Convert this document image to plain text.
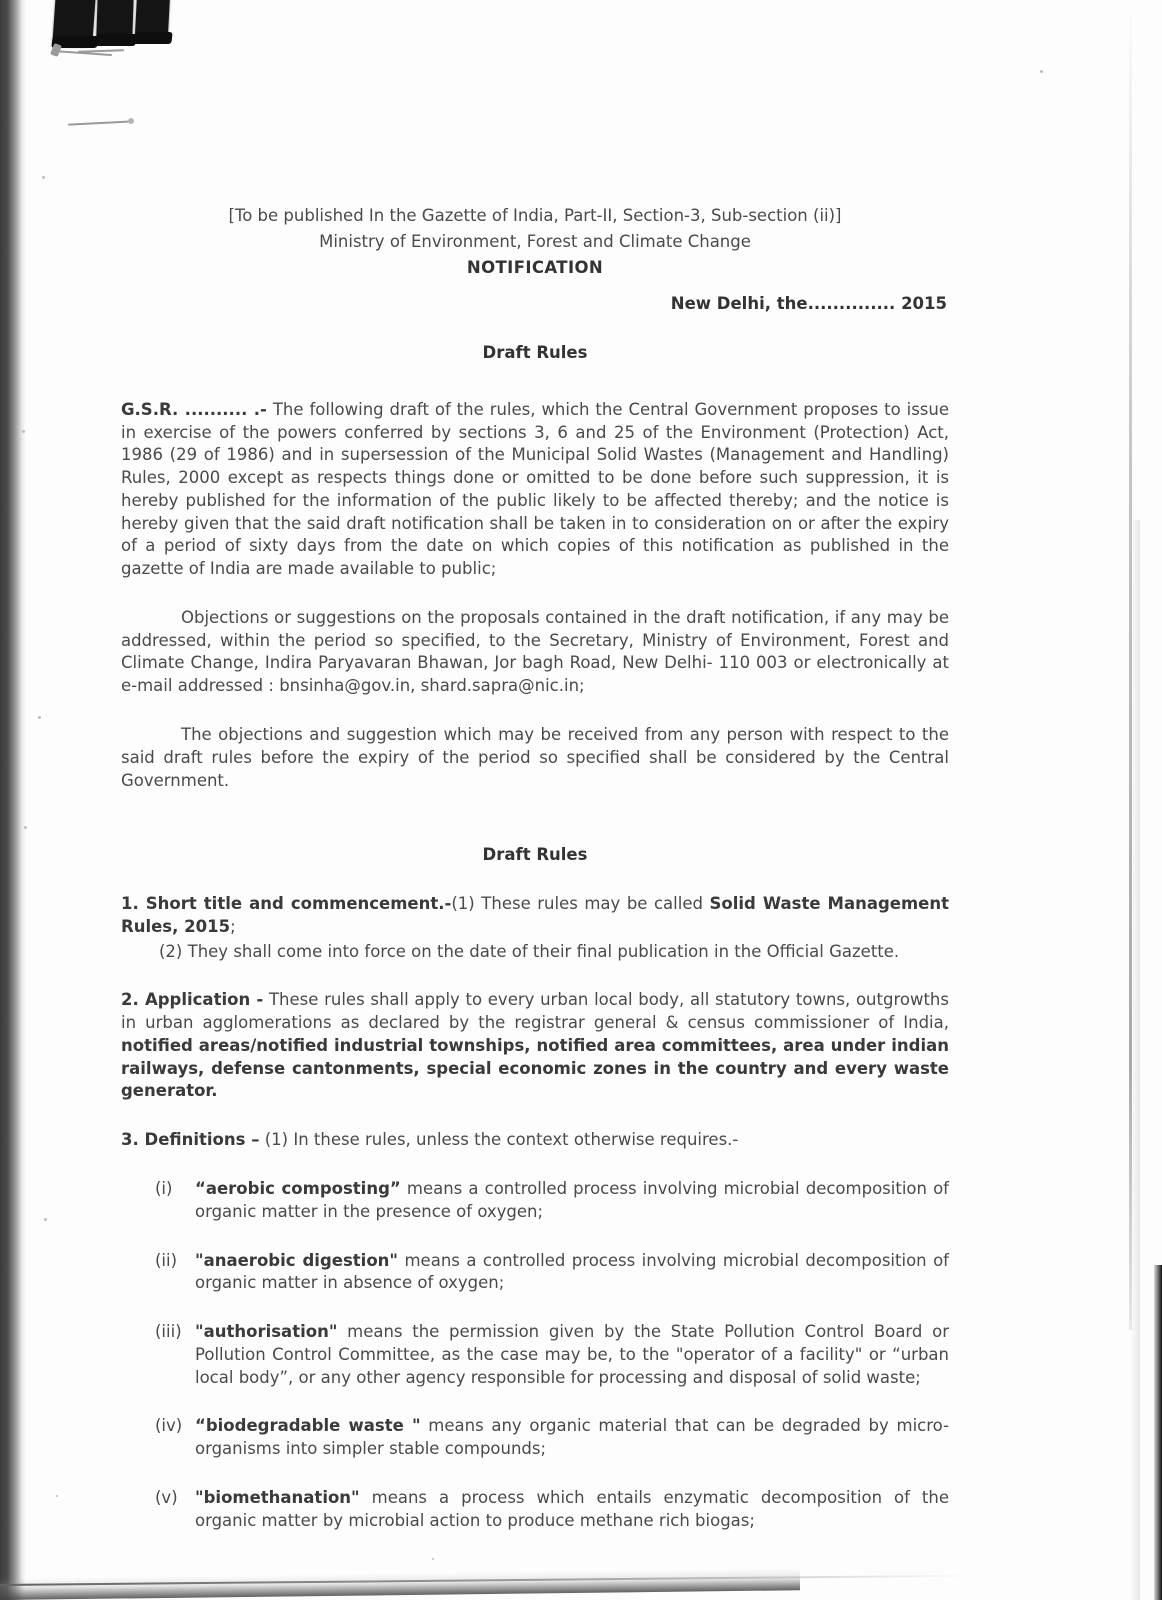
[To be published In the Gazette of India, Part-II, Section-3, Sub-section (ii)]
Ministry of Environment, Forest and Climate Change
NOTIFICATION
New Delhi, the.............. 2015
Draft Rules

G.S.R. .......... .- The following draft of the rules, which the Central Government proposes to issue in exercise of the powers conferred by sections 3, 6 and 25 of the Environment (Protection) Act, 1986 (29 of 1986) and in supersession of the Municipal Solid Wastes (Management and Handling) Rules, 2000 except as respects things done or omitted to be done before such suppression, it is hereby published for the information of the public likely to be affected thereby; and the notice is hereby given that the said draft notification shall be taken in to consideration on or after the expiry of a period of sixty days from the date on which copies of this notification as published in the gazette of India are made available to public;

Objections or suggestions on the proposals contained in the draft notification, if any may be addressed, within the period so specified, to the Secretary, Ministry of Environment, Forest and Climate Change, Indira Paryavaran Bhawan, Jor bagh Road, New Delhi- 110 003 or electronically at e-mail addressed : bnsinha@gov.in, shard.sapra@nic.in;

The objections and suggestion which may be received from any person with respect to the said draft rules before the expiry of the period so specified shall be considered by the Central Government.

Draft Rules

1. Short title and commencement.-(1) These rules may be called Solid Waste Management Rules, 2015;

(2) They shall come into force on the date of their final publication in the Official Gazette.

2. Application - These rules shall apply to every urban local body, all statutory towns, outgrowths in urban agglomerations as declared by the registrar general & census commissioner of India, notified areas/notified industrial townships, notified area committees, area under indian railways, defense cantonments, special economic zones in the country and every waste generator.

3. Definitions – (1) In these rules, unless the context otherwise requires.-

(i)	“aerobic composting” means a controlled process involving microbial decomposition of organic matter in the presence of oxygen;
(ii)	"anaerobic digestion" means a controlled process involving microbial decomposition of organic matter in absence of oxygen;
(iii) "authorisation" means the permission given by the State Pollution Control Board or Pollution Control Committee, as the case may be, to the "operator of a facility" or “urban local body”, or any other agency responsible for processing and disposal of solid waste;
(iv) “biodegradable waste " means any organic material that can be degraded by micro-organisms into simpler stable compounds;
(v)	"biomethanation" means a process which entails enzymatic decomposition of the organic matter by microbial action to produce methane rich biogas;
